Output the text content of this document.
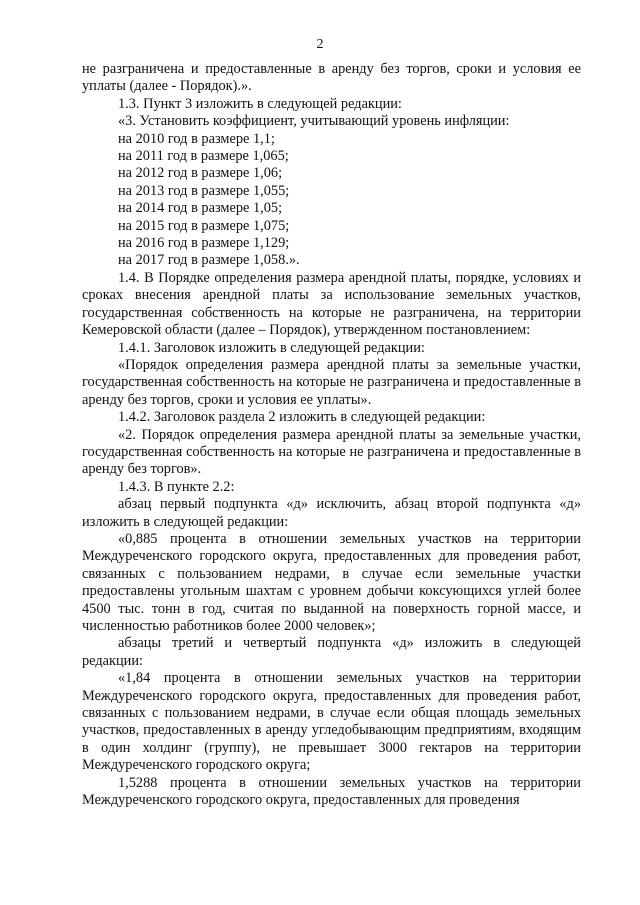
2

не разграничена и предоставленные в аренду без торгов, сроки и условия ее уплаты (далее - Порядок).».

1.3. Пункт 3 изложить в следующей редакции:

«3. Установить коэффициент, учитывающий уровень инфляции:

на 2010 год в размере 1,1;

на 2011 год в размере 1,065;

на 2012 год в размере 1,06;

на 2013 год в размере 1,055;

на 2014 год в размере 1,05;

на 2015 год в размере 1,075;

на 2016 год в размере 1,129;

на 2017 год в размере 1,058.».

1.4. В Порядке определения размера арендной платы, порядке, условиях и сроках внесения арендной платы за использование земельных участков, государственная собственность на которые не разграничена, на территории Кемеровской области (далее – Порядок), утвержденном постановлением:

1.4.1. Заголовок изложить в следующей редакции:

«Порядок определения размера арендной платы за земельные участки, государственная собственность на которые не разграничена и предоставленные в аренду без торгов, сроки и условия ее уплаты».

1.4.2. Заголовок раздела 2 изложить в следующей редакции:

«2. Порядок определения размера арендной платы за земельные участки, государственная собственность на которые не разграничена и предоставленные в аренду без торгов».

1.4.3. В пункте 2.2:

абзац первый подпункта «д» исключить, абзац второй подпункта «д» изложить в следующей редакции:

«0,885 процента в отношении земельных участков на территории Междуреченского городского округа, предоставленных для проведения работ, связанных с пользованием недрами, в случае если земельные участки предоставлены угольным шахтам с уровнем добычи коксующихся углей более 4500 тыс. тонн в год, считая по выданной на поверхность горной массе, и численностью работников более 2000 человек»;

абзацы третий и четвертый подпункта «д» изложить в следующей редакции:

«1,84 процента в отношении земельных участков на территории Междуреченского городского округа, предоставленных для проведения работ, связанных с пользованием недрами, в случае если общая площадь земельных участков, предоставленных в аренду угледобывающим предприятиям, входящим в один холдинг (группу), не превышает 3000 гектаров на территории Междуреченского городского округа;

1,5288 процента в отношении земельных участков на территории Междуреченского городского округа, предоставленных для проведения
